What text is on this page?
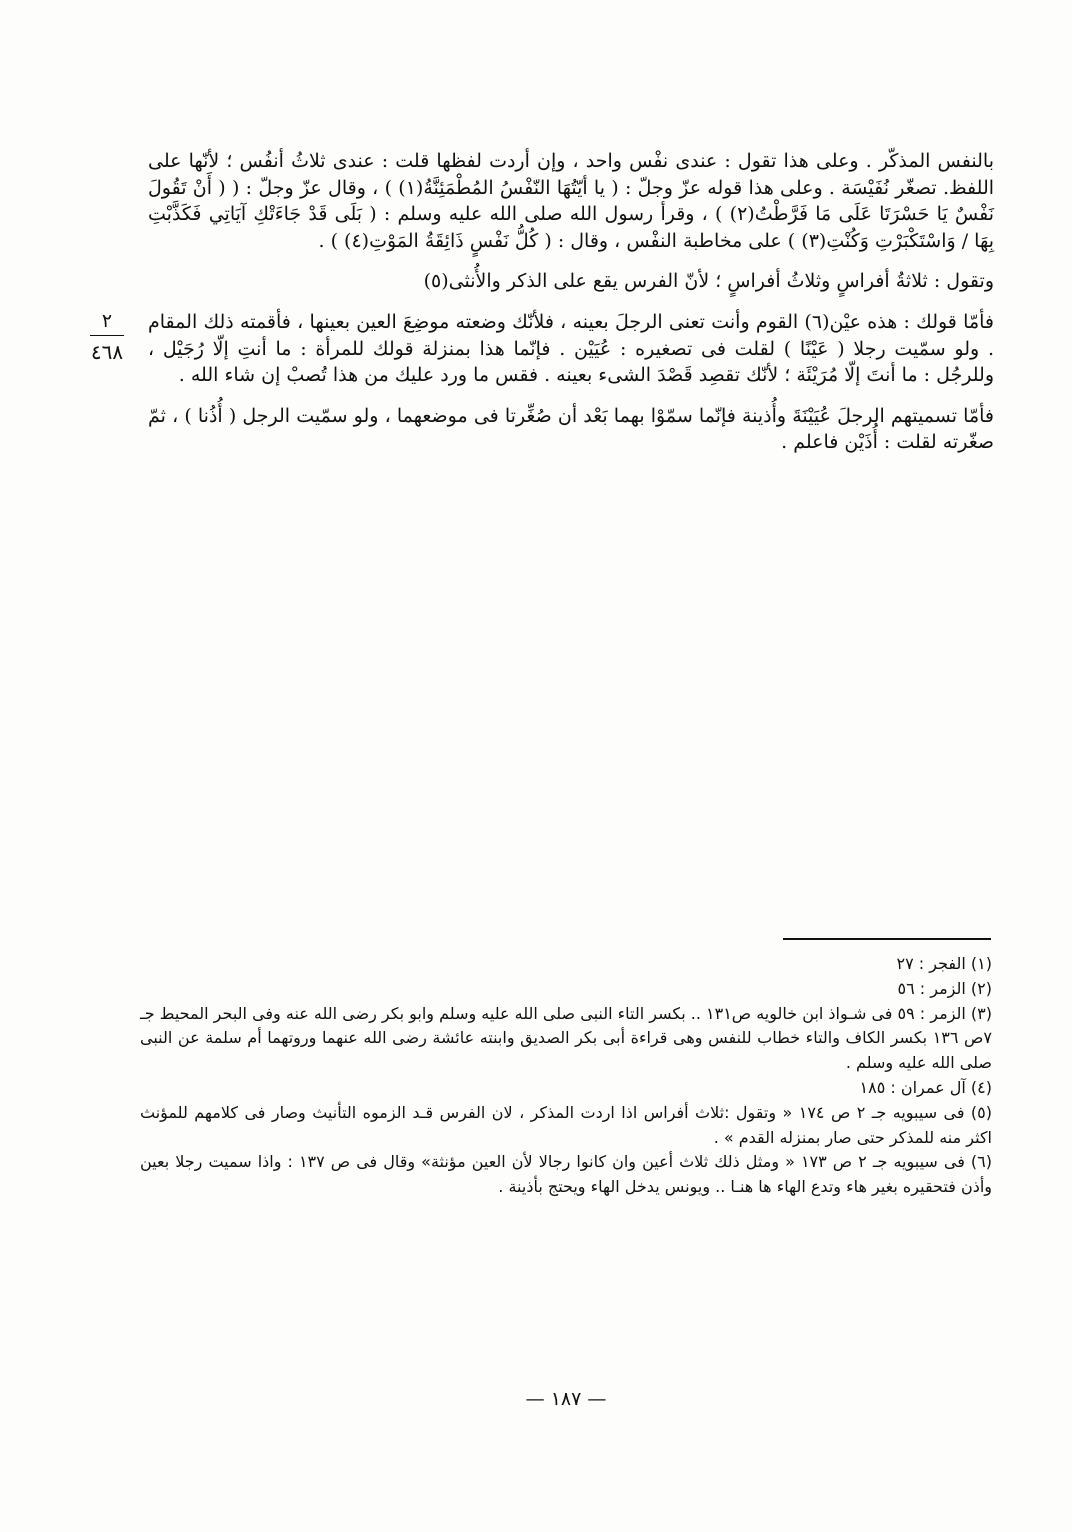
٢
٤٦٨

بالنفس المذكّر . وعلى هذا تقول : عندى نفْس واحد ، وإن أردت لفظها قلت : عندى ثلاثُ أنفُس ؛ لأنّها على اللفظ. تصغّر نُفَيْسَة . وعلى هذا قوله عزّ وجلّ : ( يا أيّتُهَا النّفْسُ المُطْمَئِنَّةُ(١) ) ، وقال عزّ وجلّ : ( ( أَنْ تَقُولَ نَفْسٌ يَا حَسْرَتَا عَلَى مَا فَرَّطْتُ(٢) ) ، وقرأ رسول الله صلى الله عليه وسلم : ( بَلَى قَدْ جَاءَتْكِ آيَاتِي فَكَذَّبْتِ بِهَا / وَاسْتَكْبَرْتِ وَكُنْتِ(٣) ) على مخاطبة النفْس ، وقال : ( كُلُّ نَفْسٍ ذَائِقَةُ المَوْتِ(٤) ) .

وتقول : ثلاثةُ أفراسٍ وثلاثُ أفراسٍ ؛ لأنّ الفرس يقع على الذكر والأُنثى(٥)

فأمّا قولك : هذه عيْن(٦) القوم وأنت تعنى الرجلَ بعينه ، فلأنّك وضعته موضِعَ العين بعينها ، فأقمته ذلك المقام . ولو سمّيت رجلا ( عَيْنًا ) لقلت فى تصغيره : عُيَيْن . فإنّما هذا بمنزلة قولك للمرأة : ما أنتِ إلّا رُجَيْل ، وللرجُل : ما أنتَ إلّا مُرَيْئَة ؛ لأنّك تقصِد قَصْدَ الشىء بعينه . فقس ما ورد عليك من هذا تُصبْ إن شاء الله .

فأمّا تسميتهم الرجلَ عُيَيْنَةَ وأُذينة فإنّما سمّوْا بهما بَعْد أن صُغِّرتا فى موضعهما ، ولو سمّيت الرجل ( أُذُنا ) ، ثمّ صغّرته لقلت : أُذَيْن فاعلم .

(١) الفجر : ٢٧

(٢) الزمر : ٥٦

(٣) الزمر : ٥٩ فى شـواذ ابن خالويه ص١٣١ .. بكسر التاء النبى صلى الله عليه وسلم وابو بكر رضى الله عنه وفى البحر المحيط جـ ٧ص ١٣٦ بكسر الكاف والتاء خطاب للنفس وهى قراءة أبى بكر الصديق وابنته عائشة رضى الله عنهما وروتهما أم سلمة عن النبى صلى الله عليه وسلم .

(٤) آل عمران : ١٨٥

(٥) فى سيبويه جـ ٢ ص ١٧٤ « وتقول :ثلاث أفراس اذا اردت المذكر ، لان الفرس قـد الزموه التأنيث وصار فى كلامهم للمؤنث اكثر منه للمذكر حتى صار بمنزله القدم » .

(٦) فى سيبويه جـ ٢ ص ١٧٣ « ومثل ذلك ثلاث أعين وان كانوا رجالا لأن العين مؤنثة» وقال فى ص ١٣٧ : واذا سميت رجلا بعين وأذن فتحقيره بغير هاء وتدع الهاء ها هنـا .. ويونس يدخل الهاء ويحتج بأذينة .

— ١٨٧ —
